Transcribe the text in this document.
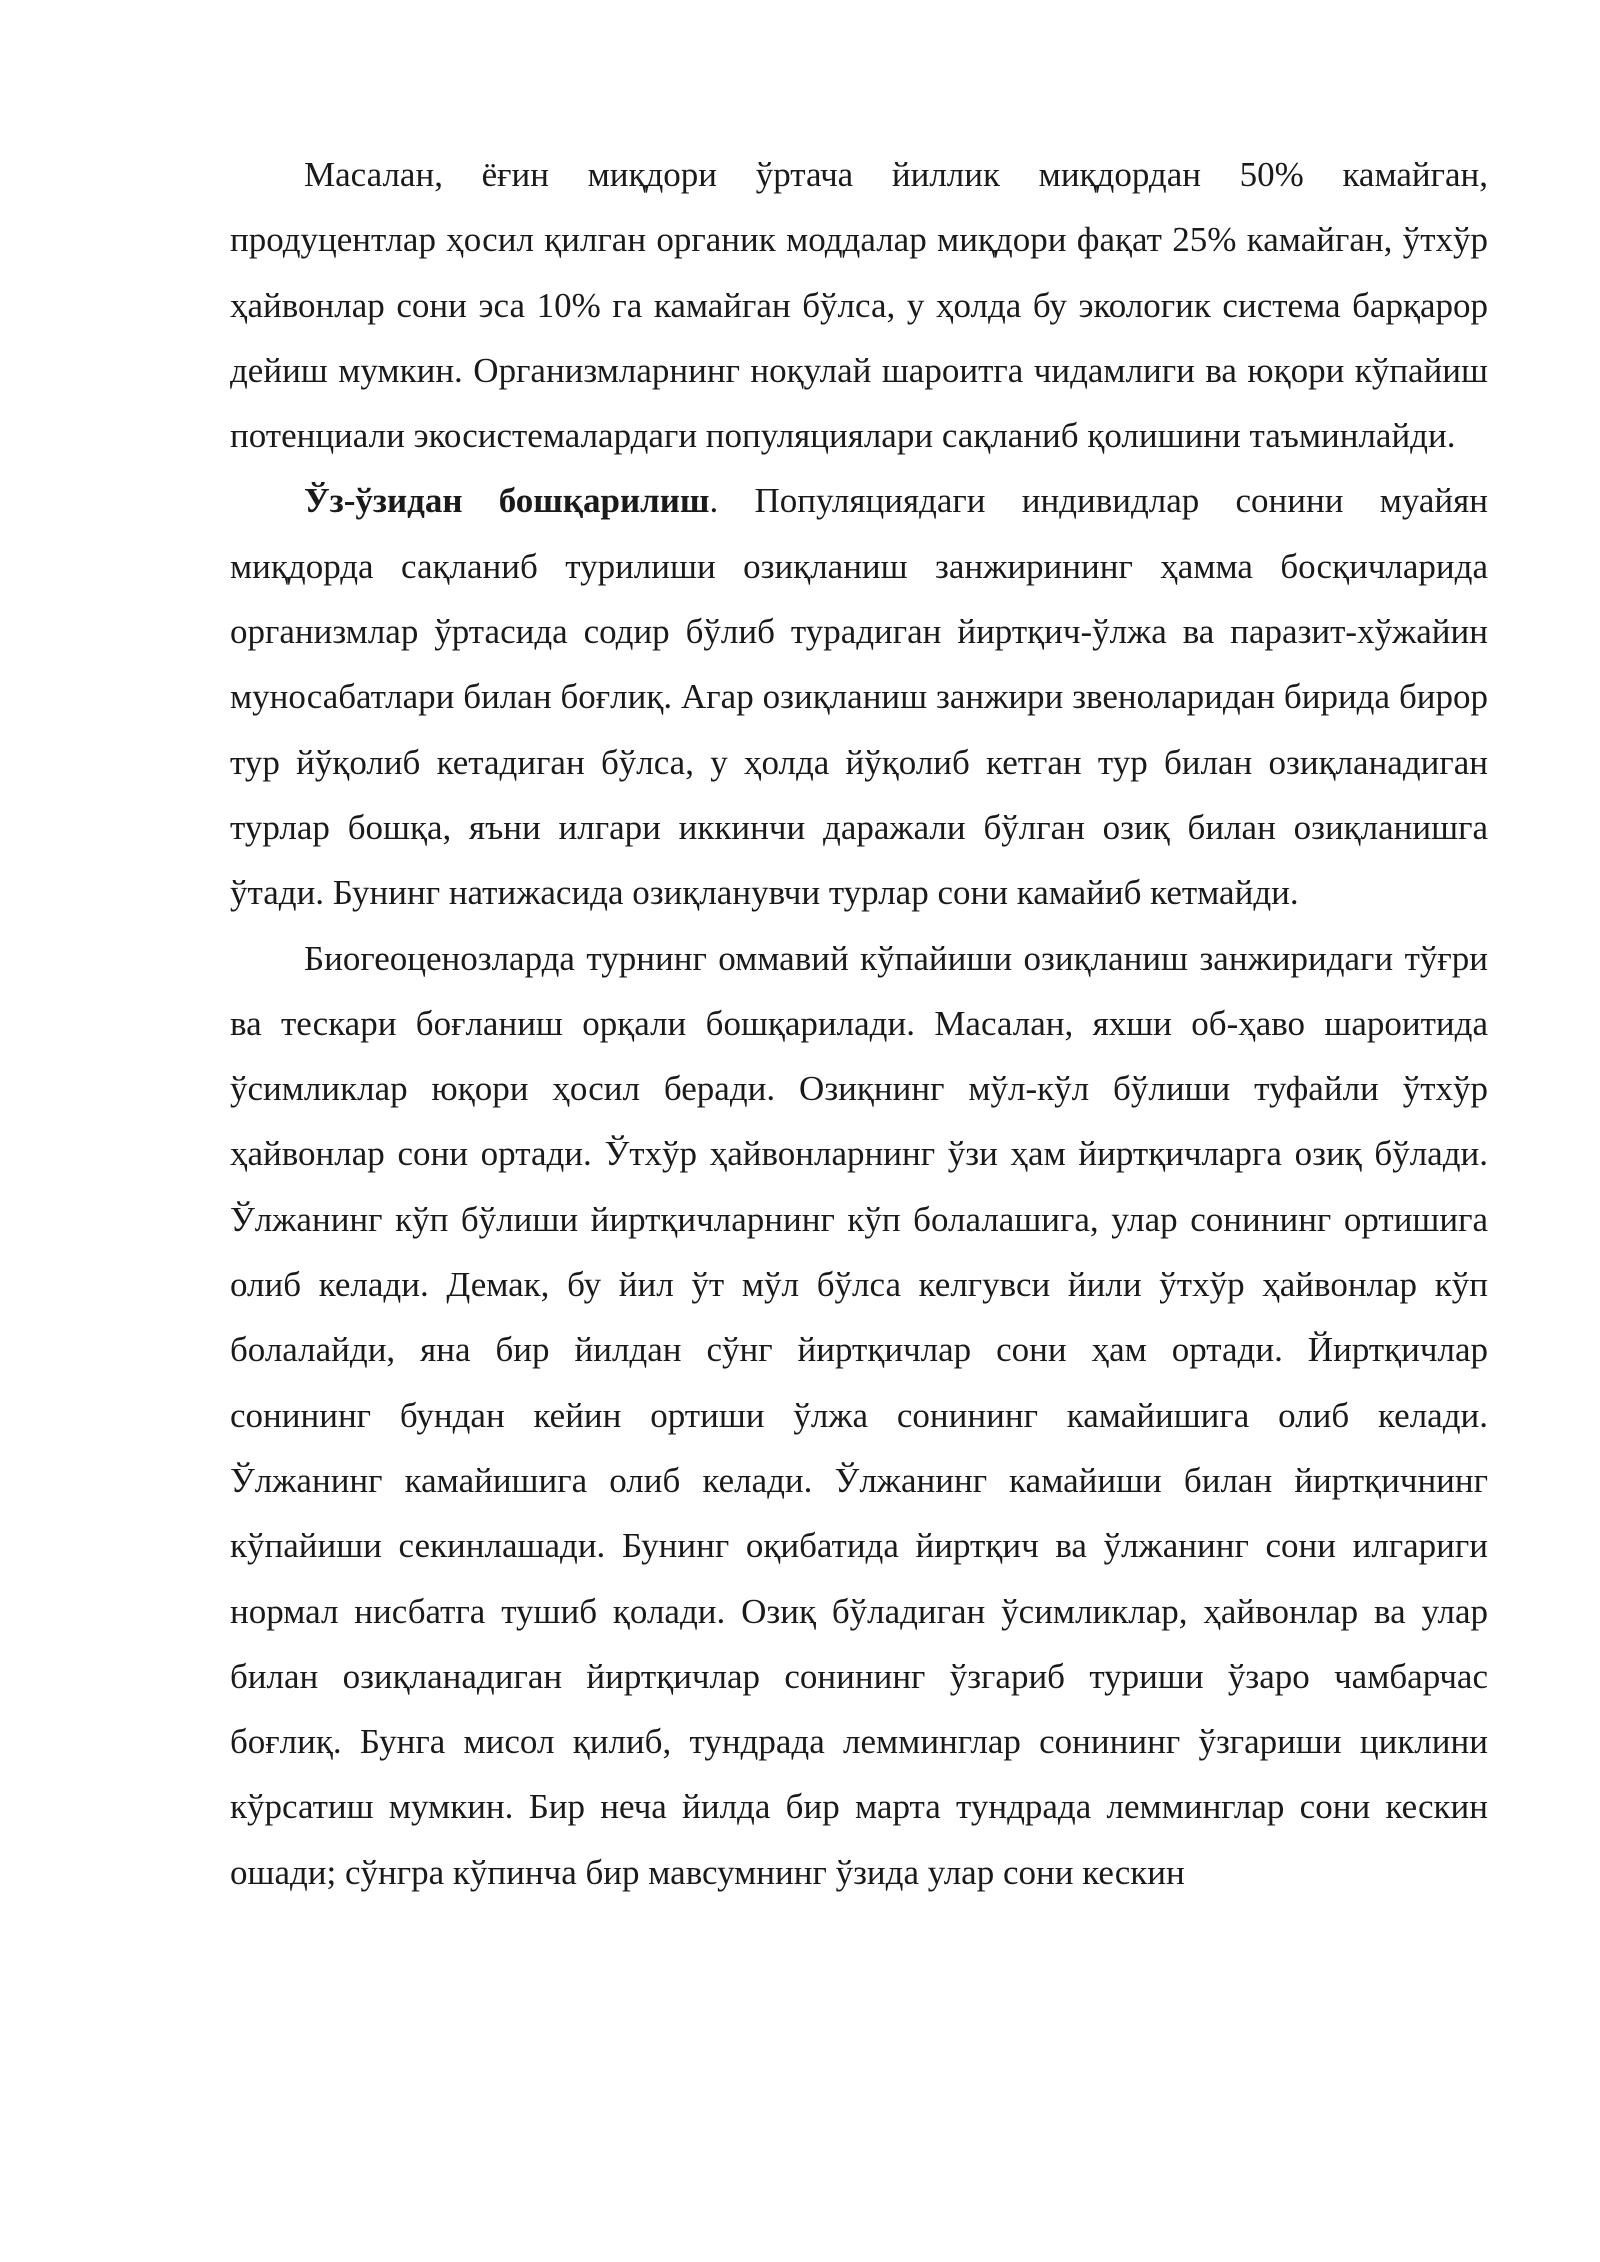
Масалан, ёғин миқдори ўртача йиллик миқдордан 50% камайган, продуцентлар ҳосил қилган органик моддалар миқдори фақат 25% камайган, ўтхўр ҳайвонлар сони эса 10% га камайган бўлса, у ҳолда бу экологик система барқарор дейиш мумкин. Организмларнинг ноқулай шароитга чидамлиги ва юқори кўпайиш потенциали экосистемалардаги популяциялари сақланиб қолишини таъминлайди.

Ўз-ўзидан бошқарилиш. Популяциядаги индивидлар сонини муайян миқдорда сақланиб турилиши озиқланиш занжирининг ҳамма босқичларида организмлар ўртасида содир бўлиб турадиган йиртқич-ўлжа ва паразит-хўжайин муносабатлари билан боғлиқ. Агар озиқланиш занжири звеноларидан бирида бирор тур йўқолиб кетадиган бўлса, у ҳолда йўқолиб кетган тур билан озиқланадиган турлар бошқа, яъни илгари иккинчи даражали бўлган озиқ билан озиқланишга ўтади. Бунинг натижасида озиқланувчи турлар сони камайиб кетмайди.

Биогеоценозларда турнинг оммавий кўпайиши озиқланиш занжиридаги тўғри ва тескари боғланиш орқали бошқарилади. Масалан, яхши об-ҳаво шароитида ўсимликлар юқори ҳосил беради. Озиқнинг мўл-кўл бўлиши туфайли ўтхўр ҳайвонлар сони ортади. Ўтхўр ҳайвонларнинг ўзи ҳам йиртқичларга озиқ бўлади. Ўлжанинг кўп бўлиши йиртқичларнинг кўп болалашига, улар сонининг ортишига олиб келади. Демак, бу йил ўт мўл бўлса келгувси йили ўтхўр ҳайвонлар кўп болалайди, яна бир йилдан сўнг йиртқичлар сони ҳам ортади. Йиртқичлар сонининг бундан кейин ортиши ўлжа сонининг камайишига олиб келади. Ўлжанинг камайишига олиб келади. Ўлжанинг камайиши билан йиртқичнинг кўпайиши секинлашади. Бунинг оқибатида йиртқич ва ўлжанинг сони илгариги нормал нисбатга тушиб қолади. Озиқ бўладиган ўсимликлар, ҳайвонлар ва улар билан озиқланадиган йиртқичлар сонининг ўзгариб туриши ўзаро чамбарчас боғлиқ. Бунга мисол қилиб, тундрада лемминглар сонининг ўзгариши циклини кўрсатиш мумкин. Бир неча йилда бир марта тундрада лемминглар сони кескин ошади; сўнгра кўпинча бир мавсумнинг ўзида улар сони кескин
